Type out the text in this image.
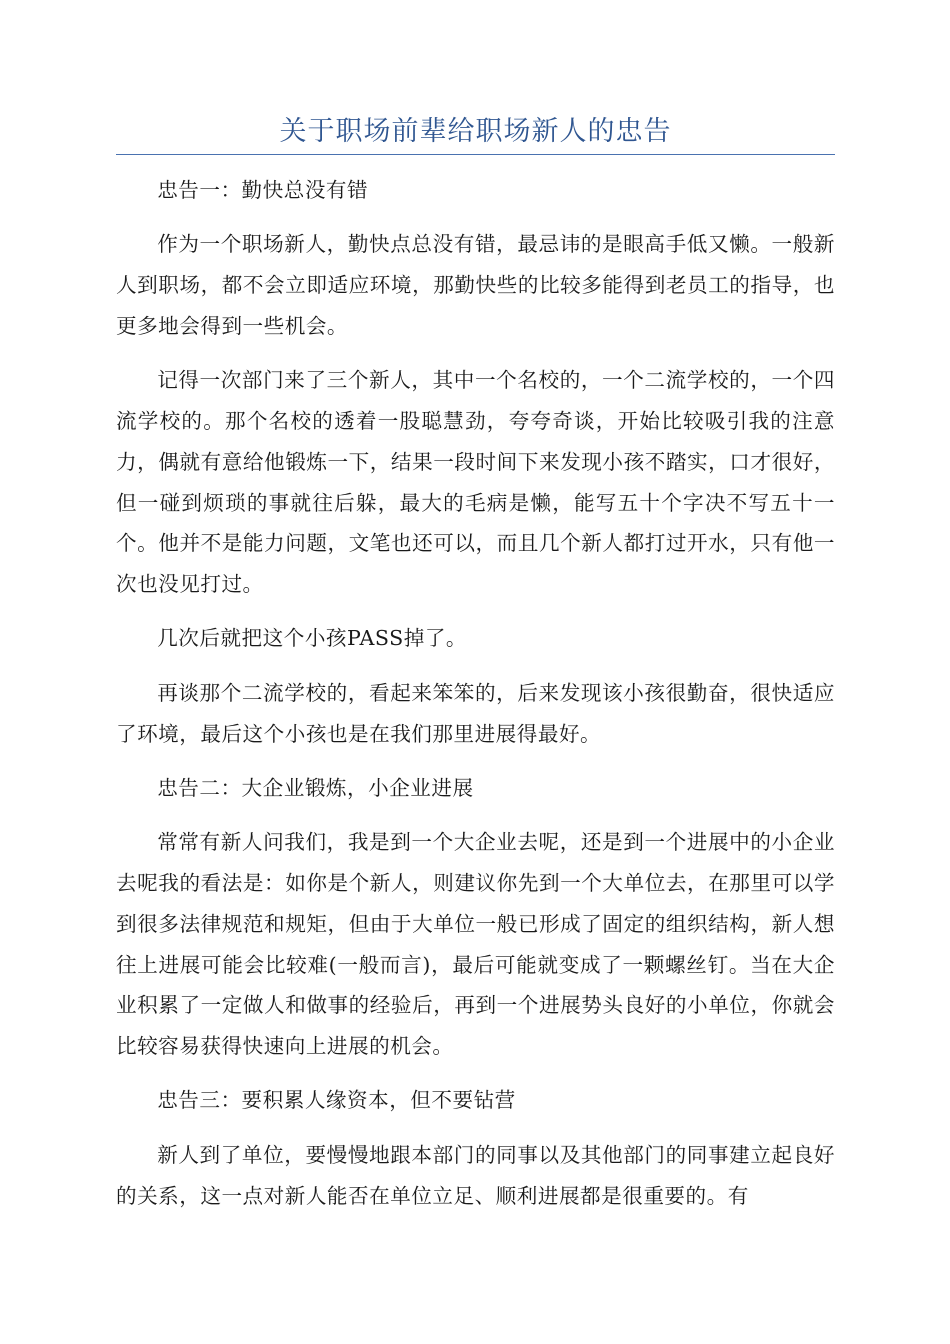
关于职场前辈给职场新人的忠告

忠告一：勤快总没有错

作为一个职场新人，勤快点总没有错，最忌讳的是眼高手低又懒。一般新人到职场，都不会立即适应环境，那勤快些的比较多能得到老员工的指导，也更多地会得到一些机会。

记得一次部门来了三个新人，其中一个名校的，一个二流学校的，一个四流学校的。那个名校的透着一股聪慧劲，夸夸奇谈，开始比较吸引我的注意力，偶就有意给他锻炼一下，结果一段时间下来发现小孩不踏实，口才很好，但一碰到烦琐的事就往后躲，最大的毛病是懒，能写五十个字决不写五十一个。他并不是能力问题，文笔也还可以，而且几个新人都打过开水，只有他一次也没见打过。

几次后就把这个小孩PASS掉了。

再谈那个二流学校的，看起来笨笨的，后来发现该小孩很勤奋，很快适应了环境，最后这个小孩也是在我们那里进展得最好。

忠告二：大企业锻炼，小企业进展

常常有新人问我们，我是到一个大企业去呢，还是到一个进展中的小企业去呢我的看法是：如你是个新人，则建议你先到一个大单位去，在那里可以学到很多法律规范和规矩，但由于大单位一般已形成了固定的组织结构，新人想往上进展可能会比较难(一般而言)，最后可能就变成了一颗螺丝钉。当在大企业积累了一定做人和做事的经验后，再到一个进展势头良好的小单位，你就会比较容易获得快速向上进展的机会。

忠告三：要积累人缘资本，但不要钻营

新人到了单位，要慢慢地跟本部门的同事以及其他部门的同事建立起良好的关系，这一点对新人能否在单位立足、顺利进展都是很重要的。有
